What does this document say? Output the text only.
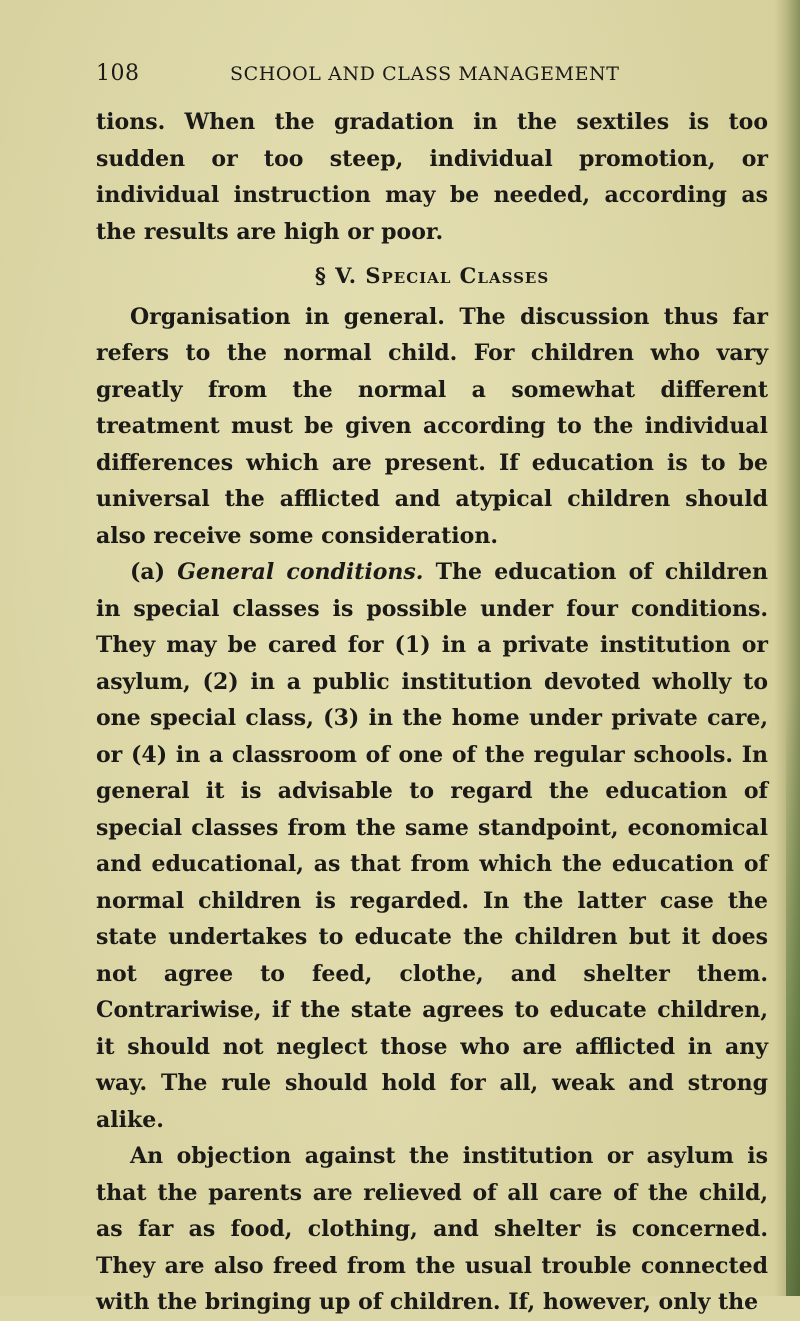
108	SCHOOL AND CLASS MANAGEMENT

tions. When the gradation in the sextiles is too sudden or too steep, individual promotion, or individual instruction may be needed, according as the results are high or poor.

§ V. Special Classes

Organisation in general. The discussion thus far refers to the normal child. For children who vary greatly from the normal a somewhat different treatment must be given according to the individual differences which are present. If education is to be universal the afflicted and atypical children should also receive some consideration.

(a) General conditions. The education of children in special classes is possible under four conditions. They may be cared for (1) in a private institution or asylum, (2) in a public institution devoted wholly to one special class, (3) in the home under private care, or (4) in a classroom of one of the regular schools. In general it is advisable to regard the education of special classes from the same standpoint, economical and educational, as that from which the education of normal children is regarded. In the latter case the state undertakes to educate the children but it does not agree to feed, clothe, and shelter them. Contrariwise, if the state agrees to educate children, it should not neglect those who are afflicted in any way. The rule should hold for all, weak and strong alike.

An objection against the institution or asylum is that the parents are relieved of all care of the child, as far as food, clothing, and shelter is concerned. They are also freed from the usual trouble connected with the bringing up of children. If, however, only the
